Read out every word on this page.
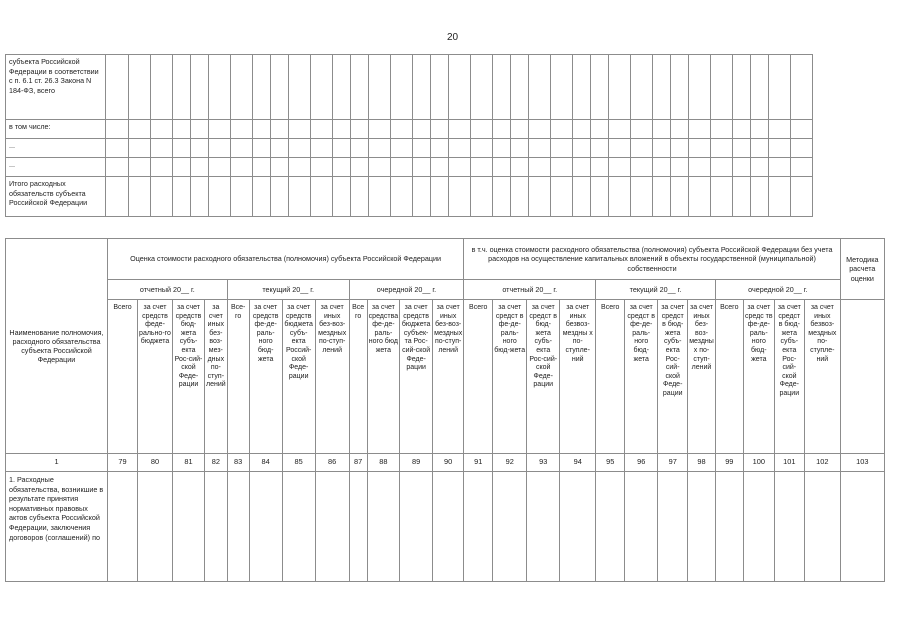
20
субъекта Российской Федерации в соответствии с п. 6.1 ст. 26.3 Закона N 184-ФЗ, всего																																			
в том числе:																																			
...																																			
...																																			
Итого расходных обязательств субъекта Российской Федерации																																			
Наименование полномочия, расходного обязательства субъекта Российской Федерации	Оценка стоимости расходного обязательства (полномочия) субъекта Российской Федерации												в т.ч. оценка стоимости расходного обязательства (полномочия) субъекта Российской Федерации без учета расходов на осуществление капитальных вложений в объекты государственной (муниципальной) собственности												Методика расчета оценки
	отчетный 20__ г.				текущий 20__ г.				очередной 20__ г.				отчетный 20__ г.				текущий 20__ г.				очередной 20__ г.				
	Всего	за счет средств феде-рально-го бюджета	за счет средств бюд-жета субъ-екта Рос-сий-ской Феде-рации	за счет иных без-воз-мез-дных по-ступ-лений	Все-го	за счет средств фе-де-раль-ного бюд-жета	за счет средств бюджета субъ-екта Россий-ской Феде-рации	за счет иных без-воз-мездных по-ступ-лений	Все го	за счет средства фе-де-раль-ного бюд жета	за счет средств бюджета субъек-та Рос-сий-ской Феде-рации	за счет иных без-воз-мездных по-ступ-лений	Всего	за счет средст в фе-де-раль-ного бюд-жета	за счет средст в бюд-жета субъ-екта Рос-сий-ской Феде-рации	за счет иных безвоз-мездны х по-ступле-ний	Всего	за счет средст в фе-де-раль-ного бюд-жета	за счет средст в бюд-жета субъ-екта Рос-сий-ской Феде-рации	за счет иных без-воз-мездны х по-ступ-лений	Всего	за счет средс тв фе-де-раль-ного бюд-жета	за счет средст в бюд-жета субъ-екта Рос-сий-ской Феде-рации	за счет иных безвоз-мездных по-ступле-ний	
1	79	80	81	82	83	84	85	86	87	88	89	90	91	92	93	94	95	96	97	98	99	100	101	102	103
1. Расходные обязательства, возникшие в результате принятия нормативных правовых актов субъекта Российской Федерации, заключения договоров (соглашений) по																									
